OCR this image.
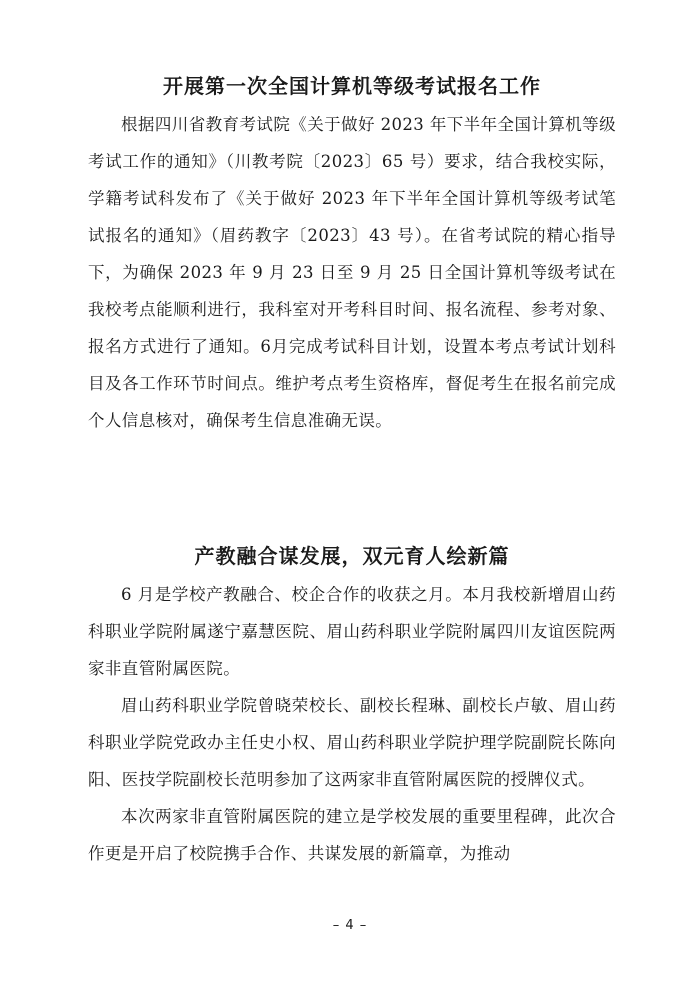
开展第一次全国计算机等级考试报名工作

根据四川省教育考试院《关于做好 2023 年下半年全国计算机等级考试工作的通知》（川教考院〔2023〕65 号）要求，结合我校实际，学籍考试科发布了《关于做好 2023 年下半年全国计算机等级考试笔试报名的通知》（眉药教字〔2023〕43 号）。在省考试院的精心指导下，为确保 2023 年 9 月 23 日至 9 月 25 日全国计算机等级考试在我校考点能顺利进行，我科室对开考科目时间、报名流程、参考对象、报名方式进行了通知。6月完成考试科目计划，设置本考点考试计划科目及各工作环节时间点。维护考点考生资格库，督促考生在报名前完成个人信息核对，确保考生信息准确无误。

产教融合谋发展，双元育人绘新篇

6 月是学校产教融合、校企合作的收获之月。本月我校新增眉山药科职业学院附属遂宁嘉慧医院、眉山药科职业学院附属四川友谊医院两家非直管附属医院。

眉山药科职业学院曾晓荣校长、副校长程琳、副校长卢敏、眉山药科职业学院党政办主任史小权、眉山药科职业学院护理学院副院长陈向阳、医技学院副校长范明参加了这两家非直管附属医院的授牌仪式。

本次两家非直管附属医院的建立是学校发展的重要里程碑，此次合作更是开启了校院携手合作、共谋发展的新篇章，为推动

– 4 –
